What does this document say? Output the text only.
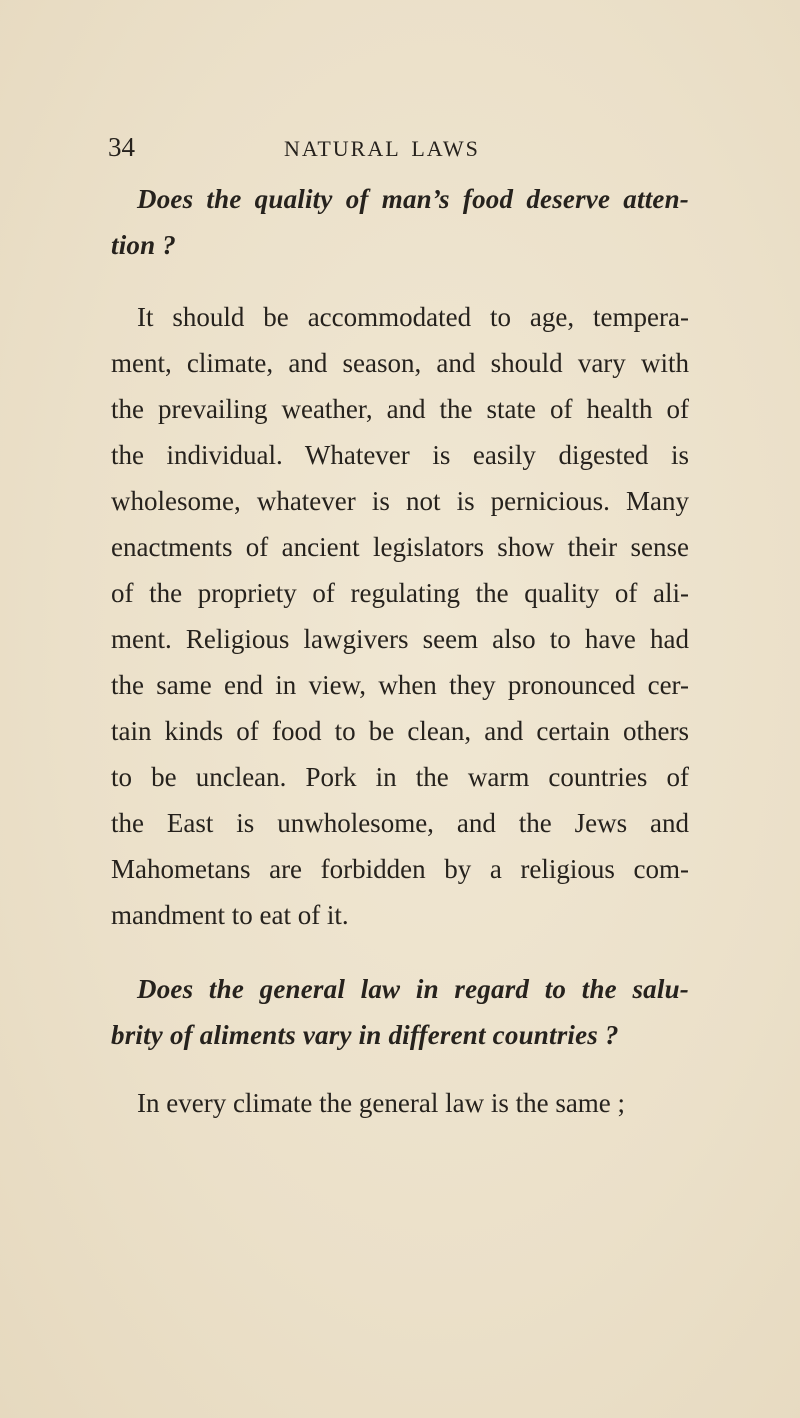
34	NATURAL LAWS

Does the quality of man’s food deserve atten-
tion ?

It should be accommodated to age, tempera-
ment, climate, and season, and should vary with
the prevailing weather, and the state of health of
the individual. Whatever is easily digested is
wholesome, whatever is not is pernicious. Many
enactments of ancient legislators show their sense
of the propriety of regulating the quality of ali-
ment. Religious lawgivers seem also to have had
the same end in view, when they pronounced cer-
tain kinds of food to be clean, and certain others
to be unclean. Pork in the warm countries of
the East is unwholesome, and the Jews and
Mahometans are forbidden by a religious com-
mandment to eat of it.

Does the general law in regard to the salu-
brity of aliments vary in different countries ?

In every climate the general law is the same ;
